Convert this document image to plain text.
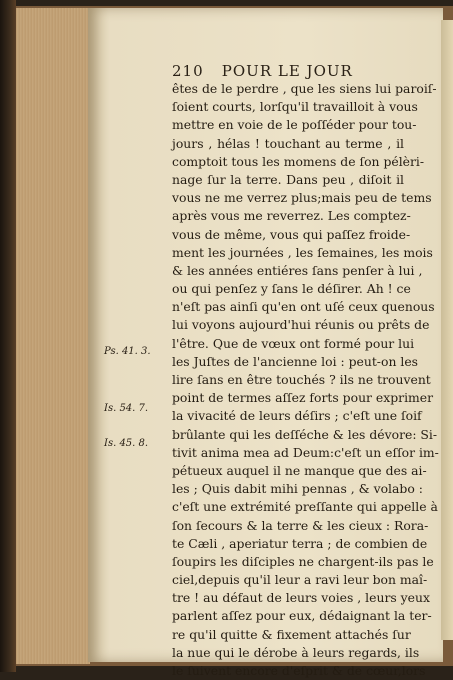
210 POUR LE JOUR
Ps. 41. 3.
Is. 54. 7.
Is. 45. 8.
êtes de le perdre , que les siens lui paroiſ-
ſoient courts, lorſqu'il travailloit à vous
mettre en voie de le poſſéder pour tou-
jours , hélas ! touchant au terme , il
comptoit tous les momens de ſon pélèri-
nage ſur la terre. Dans peu , diſoit il
vous ne me verrez plus;mais peu de tems
après vous me reverrez. Les comptez-
vous de même, vous qui paſſez froide-
ment les journées , les ſemaines, les mois
& les années entiéres ſans penſer à lui ,
ou qui penſez y ſans le déſirer. Ah ! ce
n'eſt pas ainſi qu'en ont uſé ceux quenous
lui voyons aujourd'hui réunis ou prêts de
l'être. Que de vœux ont formé pour lui
les Juſtes de l'ancienne loi : peut-on les
lire ſans en être touchés ? ils ne trouvent
point de termes aſſez forts pour exprimer
la vivacité de leurs déſirs ; c'eſt une ſoif
brûlante qui les deſſéche & les dévore: Si-
tivit anima mea ad Deum:c'eſt un eſſor im-
pétueux auquel il ne manque que des ai-
les ; Quis dabit mihi pennas , & volabo :
c'eſt une extrémité preſſante qui appelle à
ſon ſecours & la terre & les cieux : Rora-
te Cæli , aperiatur terra ; de combien de
ſoupirs les diſciples ne chargent-ils pas le
ciel,depuis qu'il leur a ravi leur bon maî-
tre ! au défaut de leurs voies , leurs yeux
parlent aſſez pour eux, dédaignant la ter-
re qu'il quitte & fixement attachés ſur
la nue qui le dérobe à leurs regards, ils
le ſuivent encore d'eſprit & de cœur,lors
